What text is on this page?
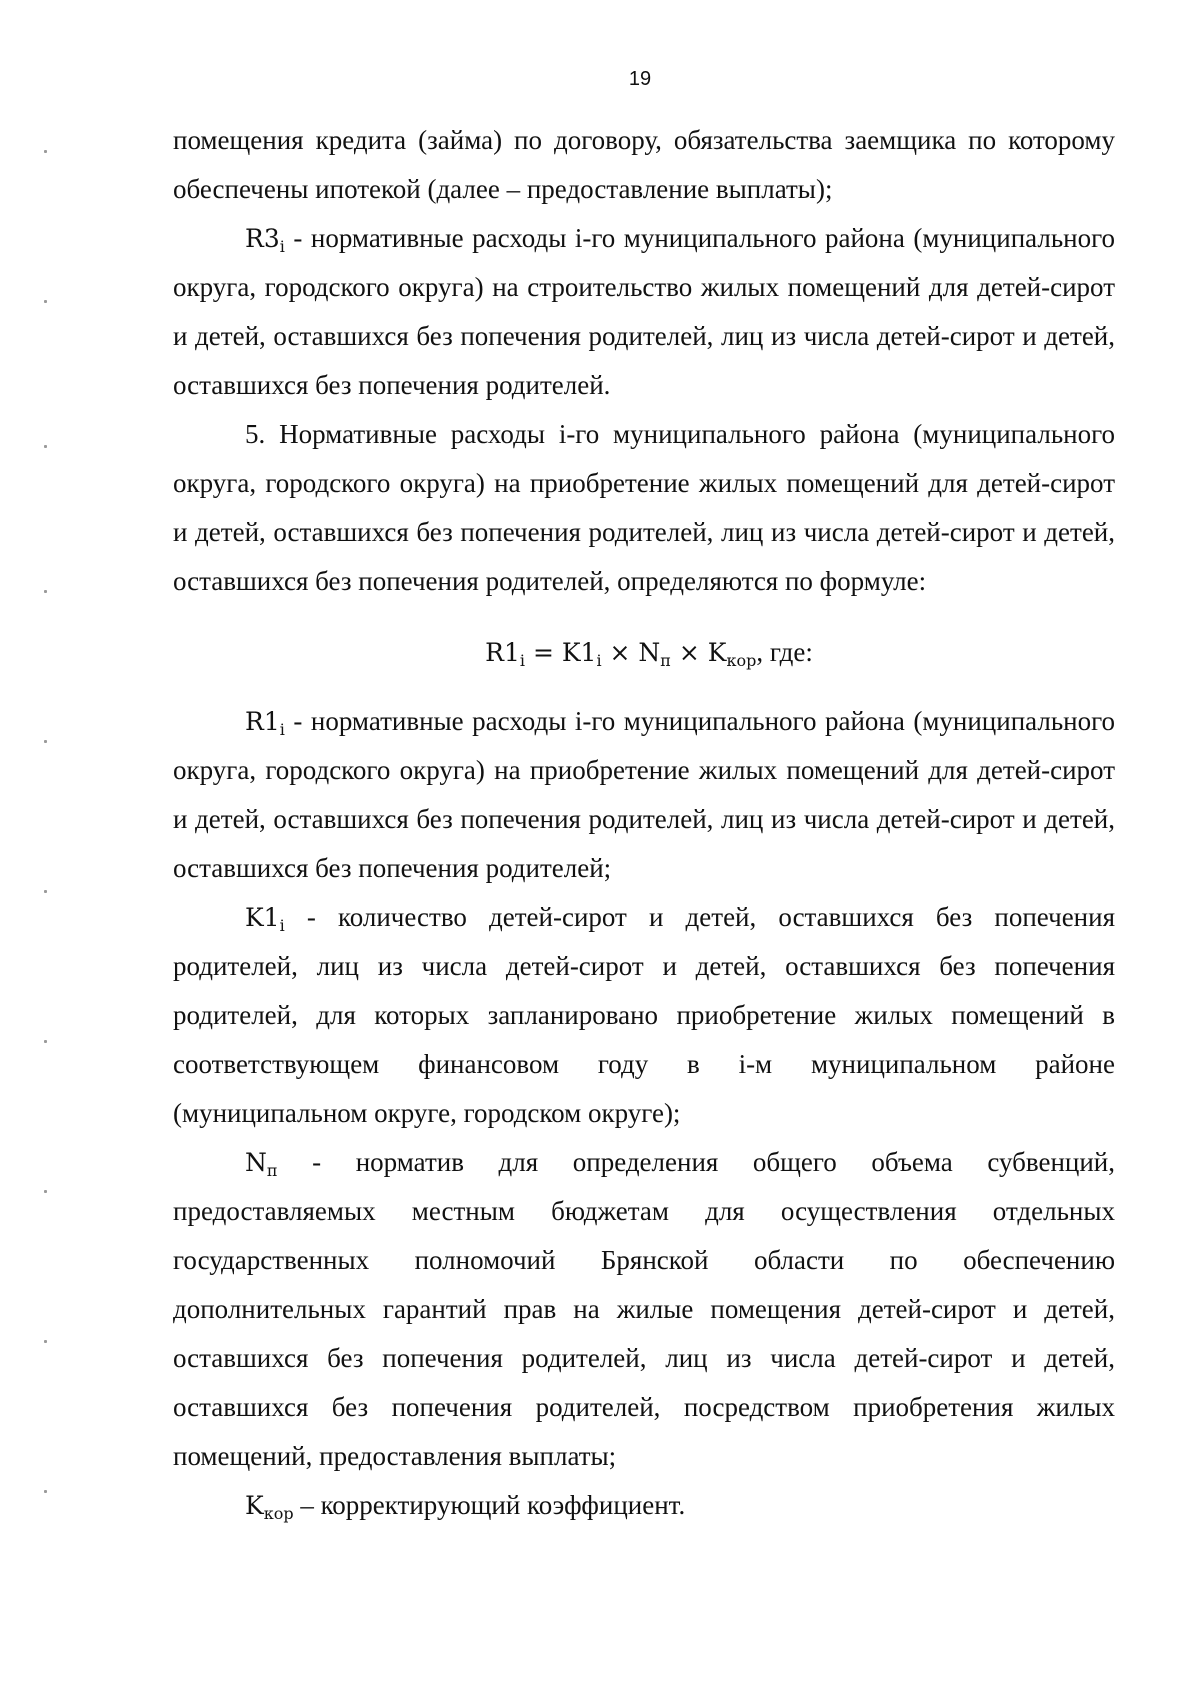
19

помещения кредита (займа) по договору, обязательства заемщика по которому обеспечены ипотекой (далее – предоставление выплаты);

$R3_i$ - нормативные расходы i-го муниципального района (муниципального округа, городского округа) на строительство жилых помещений для детей-сирот и детей, оставшихся без попечения родителей, лиц из числа детей-сирот и детей, оставшихся без попечения родителей.

5. Нормативные расходы i-го муниципального района (муниципального округа, городского округа) на приобретение жилых помещений для детей-сирот и детей, оставшихся без попечения родителей, лиц из числа детей-сирот и детей, оставшихся без попечения родителей, определяются по формуле:

$R1_i = K1_i \times N_п \times K_{кор}$, где:

$R1_i$ - нормативные расходы i-го муниципального района (муниципального округа, городского округа) на приобретение жилых помещений для детей-сирот и детей, оставшихся без попечения родителей, лиц из числа детей-сирот и детей, оставшихся без попечения родителей;

$K1_i$ - количество детей-сирот и детей, оставшихся без попечения родителей, лиц из числа детей-сирот и детей, оставшихся без попечения родителей, для которых запланировано приобретение жилых помещений в соответствующем финансовом году в i-м муниципальном районе (муниципальном округе, городском округе);

$N_п$ - норматив для определения общего объема субвенций, предоставляемых местным бюджетам для осуществления отдельных государственных полномочий Брянской области по обеспечению дополнительных гарантий прав на жилые помещения детей-сирот и детей, оставшихся без попечения родителей, лиц из числа детей-сирот и детей, оставшихся без попечения родителей, посредством приобретения жилых помещений, предоставления выплаты;

$K_{кор}$ – корректирующий коэффициент.
